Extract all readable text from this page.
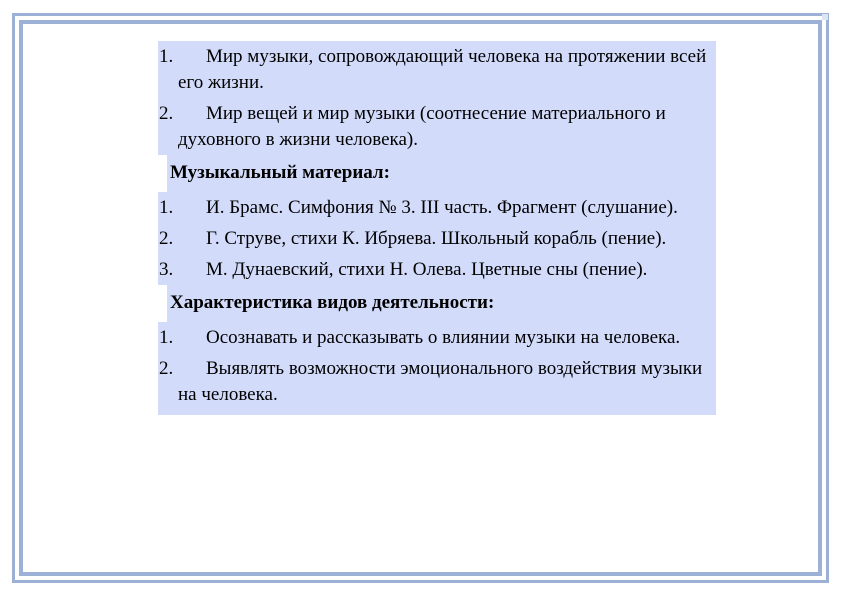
1.	Мир музыки, сопровождающий человека на протяжении всей его жизни.
2.	Мир вещей и мир музыки (соотнесение материального и духовного в жизни человека).
Музыкальный материал:
1.	И. Брамс. Симфония № 3. III часть. Фрагмент (слушание).
2.	Г. Струве, стихи К. Ибряева. Школьный корабль (пение).
3.	М. Дунаевский, стихи Н. Олева. Цветные сны (пение).
Характеристика видов деятельности:
1.	Осознавать и рассказывать о влиянии музыки на человека.
2.	Выявлять возможности эмоционального воздействия музыки на человека.
